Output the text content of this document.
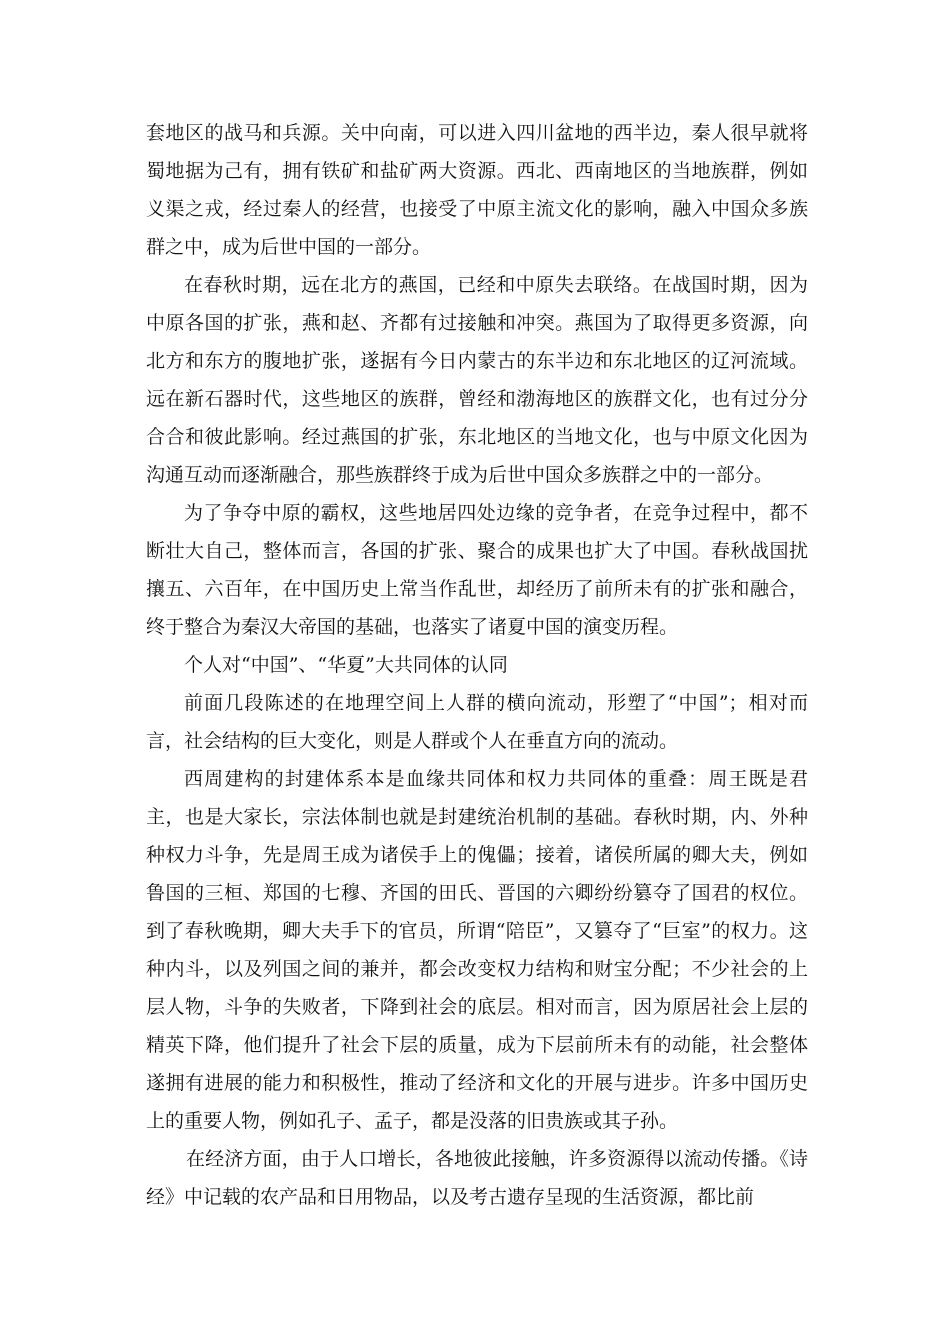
套地区的战马和兵源。关中向南，可以进入四川盆地的西半边，秦人很早就将蜀地据为己有，拥有铁矿和盐矿两大资源。西北、西南地区的当地族群，例如义渠之戎，经过秦人的经营，也接受了中原主流文化的影响，融入中国众多族群之中，成为后世中国的一部分。

在春秋时期，远在北方的燕国，已经和中原失去联络。在战国时期，因为中原各国的扩张，燕和赵、齐都有过接触和冲突。燕国为了取得更多资源，向北方和东方的腹地扩张，遂据有今日内蒙古的东半边和东北地区的辽河流域。远在新石器时代，这些地区的族群，曾经和渤海地区的族群文化，也有过分分合合和彼此影响。经过燕国的扩张，东北地区的当地文化，也与中原文化因为沟通互动而逐渐融合，那些族群终于成为后世中国众多族群之中的一部分。

为了争夺中原的霸权，这些地居四处边缘的竞争者，在竞争过程中，都不断壮大自己，整体而言，各国的扩张、聚合的成果也扩大了中国。春秋战国扰攘五、六百年，在中国历史上常当作乱世，却经历了前所未有的扩张和融合，终于整合为秦汉大帝国的基础，也落实了诸夏中国的演变历程。

个人对“中国”、“华夏”大共同体的认同

前面几段陈述的在地理空间上人群的横向流动，形塑了“中国”；相对而言，社会结构的巨大变化，则是人群或个人在垂直方向的流动。

西周建构的封建体系本是血缘共同体和权力共同体的重叠：周王既是君主，也是大家长，宗法体制也就是封建统治机制的基础。春秋时期，内、外种种权力斗争，先是周王成为诸侯手上的傀儡；接着，诸侯所属的卿大夫，例如鲁国的三桓、郑国的七穆、齐国的田氏、晋国的六卿纷纷篡夺了国君的权位。到了春秋晚期，卿大夫手下的官员，所谓“陪臣”，又篡夺了“巨室”的权力。这种内斗，以及列国之间的兼并，都会改变权力结构和财宝分配；不少社会的上层人物，斗争的失败者，下降到社会的底层。相对而言，因为原居社会上层的精英下降，他们提升了社会下层的质量，成为下层前所未有的动能，社会整体遂拥有进展的能力和积极性，推动了经济和文化的开展与进步。许多中国历史上的重要人物，例如孔子、孟子，都是没落的旧贵族或其子孙。

在经济方面，由于人口增长，各地彼此接触，许多资源得以流动传播。《诗经》中记载的农产品和日用物品，以及考古遗存呈现的生活资源，都比前
